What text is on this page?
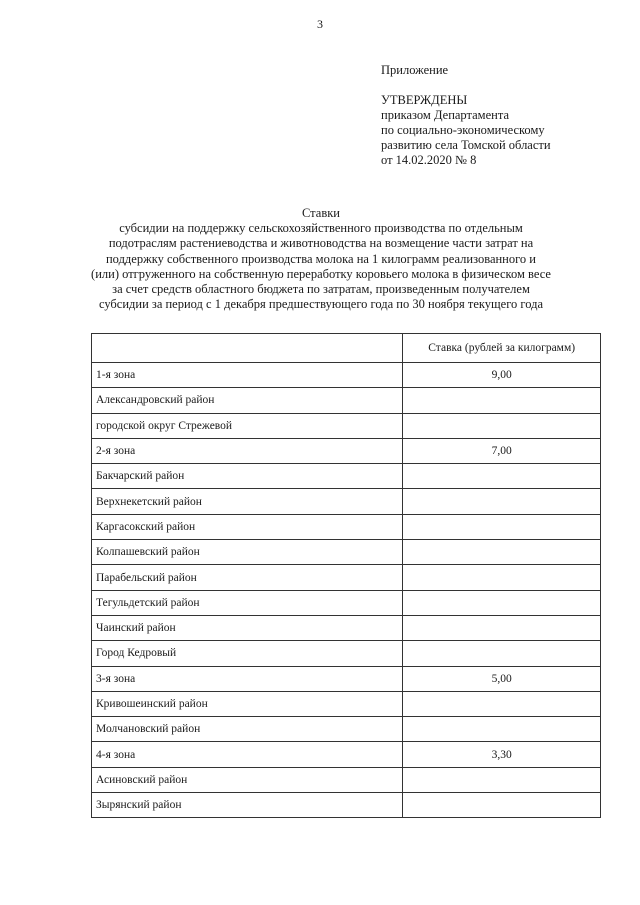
3
Приложение
УТВЕРЖДЕНЫ
приказом Департамента
по социально-экономическому
развитию села Томской области
от 14.02.2020 № 8
Ставки
субсидии на поддержку сельскохозяйственного производства по отдельным
подотраслям растениеводства и животноводства на возмещение части затрат на
поддержку собственного производства молока на 1 килограмм реализованного и
(или) отгруженного на собственную переработку коровьего молока в физическом весе
за счет средств областного бюджета по затратам, произведенным получателем
субсидии за период с 1 декабря предшествующего года по 30 ноября текущего года
	Ставка (рублей за килограмм)
1-я зона	9,00
Александровский район	
городской округ Стрежевой	
2-я зона	7,00
Бакчарский район	
Верхнекетский район	
Каргасокский район	
Колпашевский район	
Парабельский район	
Тегульдетский район	
Чаинский район	
Город Кедровый	
3-я зона	5,00
Кривошеинский район	
Молчановский район	
4-я зона	3,30
Асиновский район	
Зырянский район	
